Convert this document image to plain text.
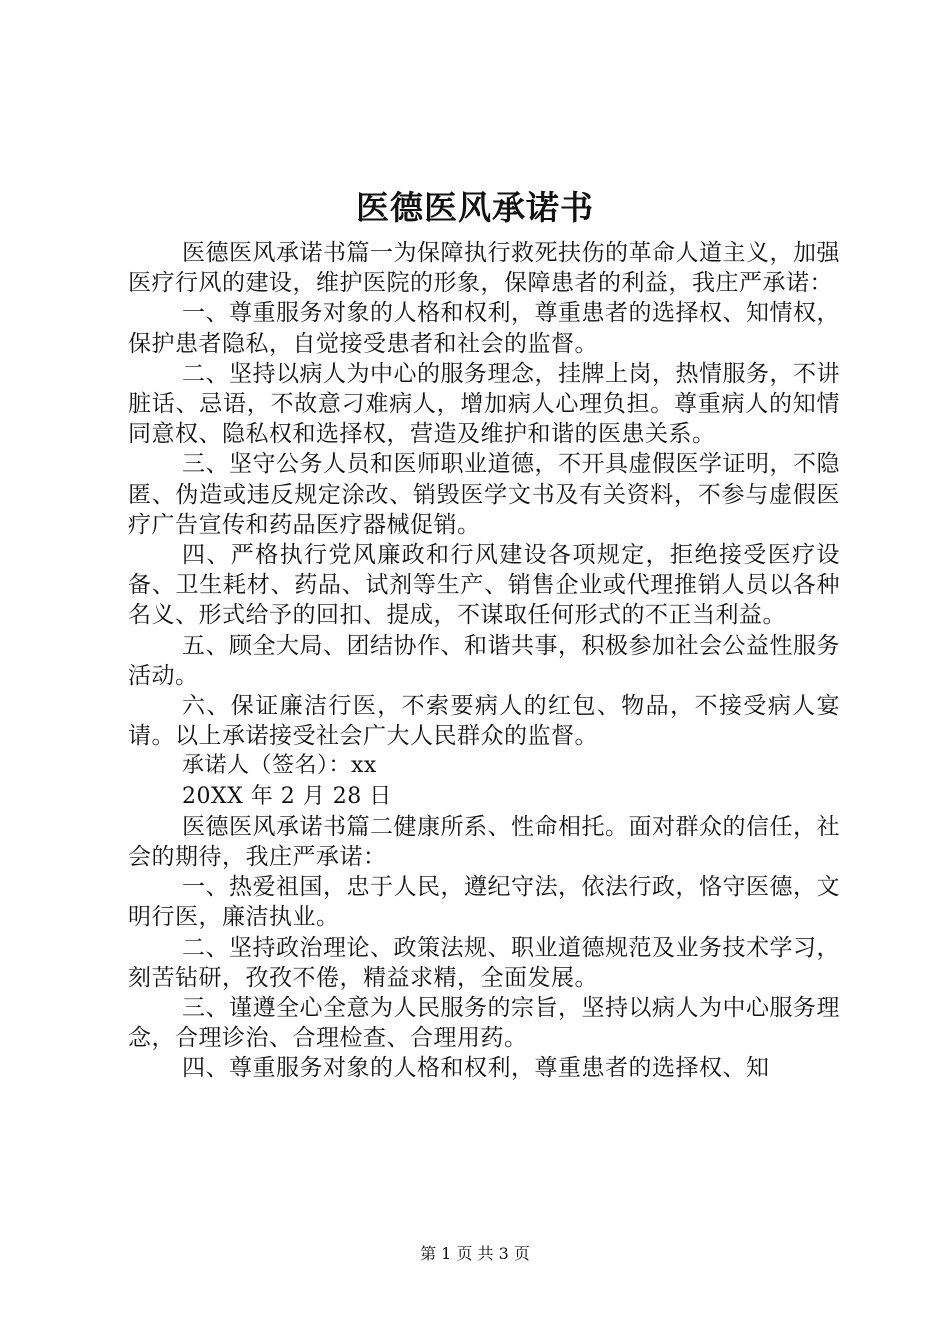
医德医风承诺书

医德医风承诺书篇一为保障执行救死扶伤的革命人道主义，加强医疗行风的建设，维护医院的形象，保障患者的利益，我庄严承诺：

一、尊重服务对象的人格和权利，尊重患者的选择权、知情权，保护患者隐私，自觉接受患者和社会的监督。

二、坚持以病人为中心的服务理念，挂牌上岗，热情服务，不讲脏话、忌语，不故意刁难病人，增加病人心理负担。尊重病人的知情同意权、隐私权和选择权，营造及维护和谐的医患关系。

三、坚守公务人员和医师职业道德，不开具虚假医学证明，不隐匿、伪造或违反规定涂改、销毁医学文书及有关资料，不参与虚假医疗广告宣传和药品医疗器械促销。

四、严格执行党风廉政和行风建设各项规定，拒绝接受医疗设备、卫生耗材、药品、试剂等生产、销售企业或代理推销人员以各种名义、形式给予的回扣、提成，不谋取任何形式的不正当利益。

五、顾全大局、团结协作、和谐共事，积极参加社会公益性服务活动。

六、保证廉洁行医，不索要病人的红包、物品，不接受病人宴请。以上承诺接受社会广大人民群众的监督。

承诺人（签名）：xx

20XX 年 2 月 28 日

医德医风承诺书篇二健康所系、性命相托。面对群众的信任，社会的期待，我庄严承诺：

一、热爱祖国，忠于人民，遵纪守法，依法行政，恪守医德，文明行医，廉洁执业。

二、坚持政治理论、政策法规、职业道德规范及业务技术学习，刻苦钻研，孜孜不倦，精益求精，全面发展。

三、谨遵全心全意为人民服务的宗旨，坚持以病人为中心服务理念，合理诊治、合理检查、合理用药。

四、尊重服务对象的人格和权利，尊重患者的选择权、知

第 1 页 共 3 页
